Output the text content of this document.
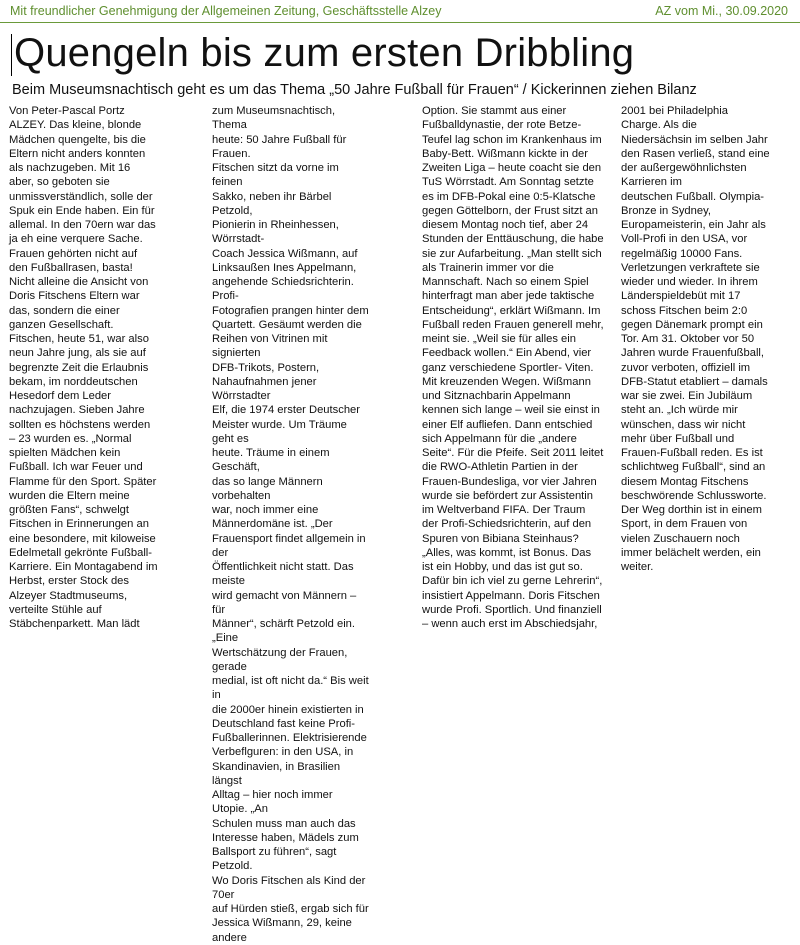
Mit freundlicher Genehmigung der Allgemeinen Zeitung, Geschäftsstelle Alzey	AZ vom Mi., 30.09.2020
Quengeln bis zum ersten Dribbling
Beim Museumsnachtisch geht es um das Thema „50 Jahre Fußball für Frauen“ / Kickerinnen ziehen Bilanz
Von Peter-Pascal Portz
ALZEY. Das kleine, blonde
Mädchen quengelte, bis die
Eltern nicht anders konnten
als nachzugeben. Mit 16
aber, so geboten sie
unmissverständlich, solle der
Spuk ein Ende haben. Ein für
allemal. In den 70ern war das
ja eh eine verquere Sache.
Frauen gehörten nicht auf
den Fußballrasen, basta!
Nicht alleine die Ansicht von
Doris Fitschens Eltern war
das, sondern die einer
ganzen Gesellschaft.
Fitschen, heute 51, war also
neun Jahre jung, als sie auf
begrenzte Zeit die Erlaubnis
bekam, im norddeutschen
Hesedorf dem Leder
nachzujagen. Sieben Jahre
sollten es höchstens werden
– 23 wurden es. „Normal
spielten Mädchen kein
Fußball. Ich war Feuer und
Flamme für den Sport. Später
wurden die Eltern meine
größten Fans“, schwelgt
Fitschen in Erinnerungen an
eine besondere, mit kiloweise
Edelmetall gekrönte Fußball-
Karriere. Ein Montagabend im
Herbst, erster Stock des
Alzeyer Stadtmuseums,
verteilte Stühle auf
Stäbchenparkett. Man lädt
zum Museumsnachtisch, Thema
heute: 50 Jahre Fußball für Frauen.
Fitschen sitzt da vorne im feinen
Sakko, neben ihr Bärbel Petzold,
Pionierin in Rheinhessen, Wörrstadt-
Coach Jessica Wißmann, auf
Linksaußen Ines Appelmann,
angehende Schiedsrichterin. Profi-
Fotografien prangen hinter dem
Quartett. Gesäumt werden die
Reihen von Vitrinen mit signierten
DFB-Trikots, Postern,
Nahaufnahmen jener Wörrstadter
Elf, die 1974 erster Deutscher
Meister wurde. Um Träume geht es
heute. Träume in einem Geschäft,
das so lange Männern vorbehalten
war, noch immer eine
Männerdomäne ist. „Der
Frauensport findet allgemein in der
Öffentlichkeit nicht statt. Das meiste
wird gemacht von Männern – für
Männer“, schärft Petzold ein. „Eine
Wertschätzung der Frauen, gerade
medial, ist oft nicht da.“ Bis weit in
die 2000er hinein existierten in
Deutschland fast keine Profi-
Fußballerinnen. Elektrisierende
Verbeflguren: in den USA, in
Skandinavien, in Brasilien längst
Alltag – hier noch immer Utopie. „An
Schulen muss man auch das
Interesse haben, Mädels zum
Ballsport zu führen“, sagt Petzold.
Wo Doris Fitschen als Kind der 70er
auf Hürden stieß, ergab sich für
Jessica Wißmann, 29, keine andere
Option. Sie stammt aus einer
Fußballdynastie, der rote Betze-
Teufel lag schon im Krankenhaus im
Baby-Bett. Wißmann kickte in der
Zweiten Liga – heute coacht sie den
TuS Wörrstadt. Am Sonntag setzte
es im DFB-Pokal eine 0:5-Klatsche
gegen Göttelborn, der Frust sitzt an
diesem Montag noch tief, aber 24
Stunden der Enttäuschung, die habe
sie zur Aufarbeitung. „Man stellt sich
als Trainerin immer vor die
Mannschaft. Nach so einem Spiel
hinterfragt man aber jede taktische
Entscheidung“, erklärt Wißmann. Im
Fußball reden Frauen generell mehr,
meint sie. „Weil sie für alles ein
Feedback wollen.“ Ein Abend, vier
ganz verschiedene Sportler- Viten.
Mit kreuzenden Wegen. Wißmann
und Sitznachbarin Appelmann
kennen sich lange – weil sie einst in
einer Elf aufliefen. Dann entschied
sich Appelmann für die „andere
Seite“. Für die Pfeife. Seit 2011 leitet
die RWO-Athletin Partien in der
Frauen-Bundesliga, vor vier Jahren
wurde sie befördert zur Assistentin
im Weltverband FIFA. Der Traum
der Profi-Schiedsrichterin, auf den
Spuren von Bibiana Steinhaus?
„Alles, was kommt, ist Bonus. Das
ist ein Hobby, und das ist gut so.
Dafür bin ich viel zu gerne Lehrerin“,
insistiert Appelmann. Doris Fitschen
wurde Profi. Sportlich. Und finanziell
– wenn auch erst im Abschiedsjahr,
2001 bei Philadelphia
Charge. Als die
Niedersächsin im selben Jahr
den Rasen verließ, stand eine
der außergewöhnlichsten
Karrieren im
deutschen Fußball. Olympia-
Bronze in Sydney,
Europameisterin, ein Jahr als
Voll-Profi in den USA, vor
regelmäßig 10000 Fans.
Verletzungen verkraftete sie
wieder und wieder. In ihrem
Länderspieldebüt mit 17
schoss Fitschen beim 2:0
gegen Dänemark prompt ein
Tor. Am 31. Oktober vor 50
Jahren wurde Frauenfußball,
zuvor verboten, offiziell im
DFB-Statut etabliert – damals
war sie zwei. Ein Jubiläum
steht an. „Ich würde mir
wünschen, dass wir nicht
mehr über Fußball und
Frauen-Fußball reden. Es ist
schlichtweg Fußball“, sind an
diesem Montag Fitschens
beschwörende Schlussworte.
Der Weg dorthin ist in einem
Sport, in dem Frauen von
vielen Zuschauern noch
immer belächelt werden, ein
weiter.
